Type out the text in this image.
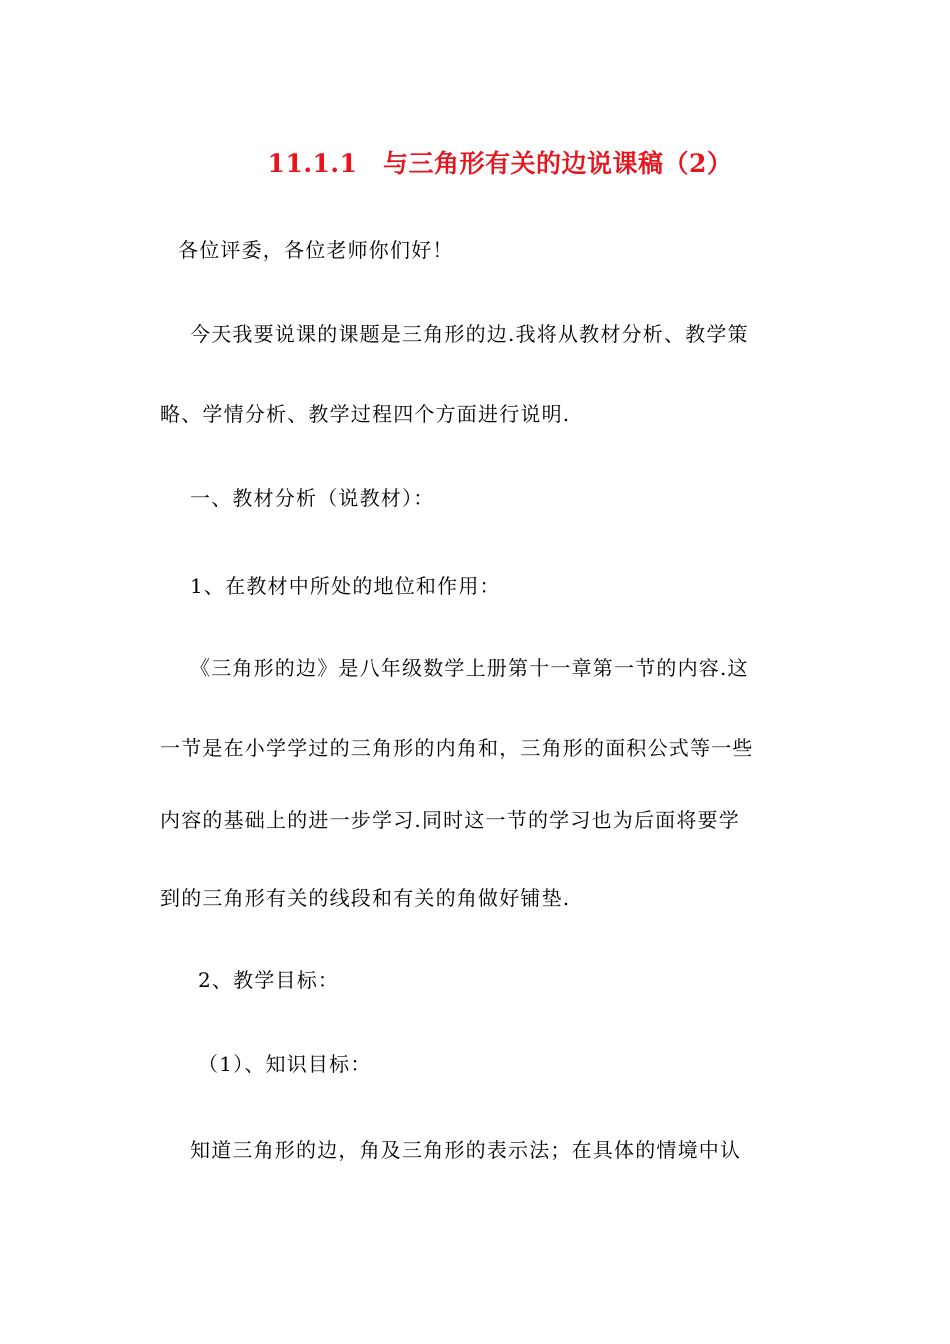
11.1.1　与三角形有关的边说课稿（2）
各位评委，各位老师你们好！
今天我要说课的课题是三角形的边.我将从教材分析、教学策
略、学情分析、教学过程四个方面进行说明.
一、教材分析（说教材）：
1、在教材中所处的地位和作用：
《三角形的边》是八年级数学上册第十一章第一节的内容.这
一节是在小学学过的三角形的内角和，三角形的面积公式等一些
内容的基础上的进一步学习.同时这一节的学习也为后面将要学
到的三角形有关的线段和有关的角做好铺垫.
2、教学目标：
（1）、知识目标：
知道三角形的边，角及三角形的表示法；在具体的情境中认
